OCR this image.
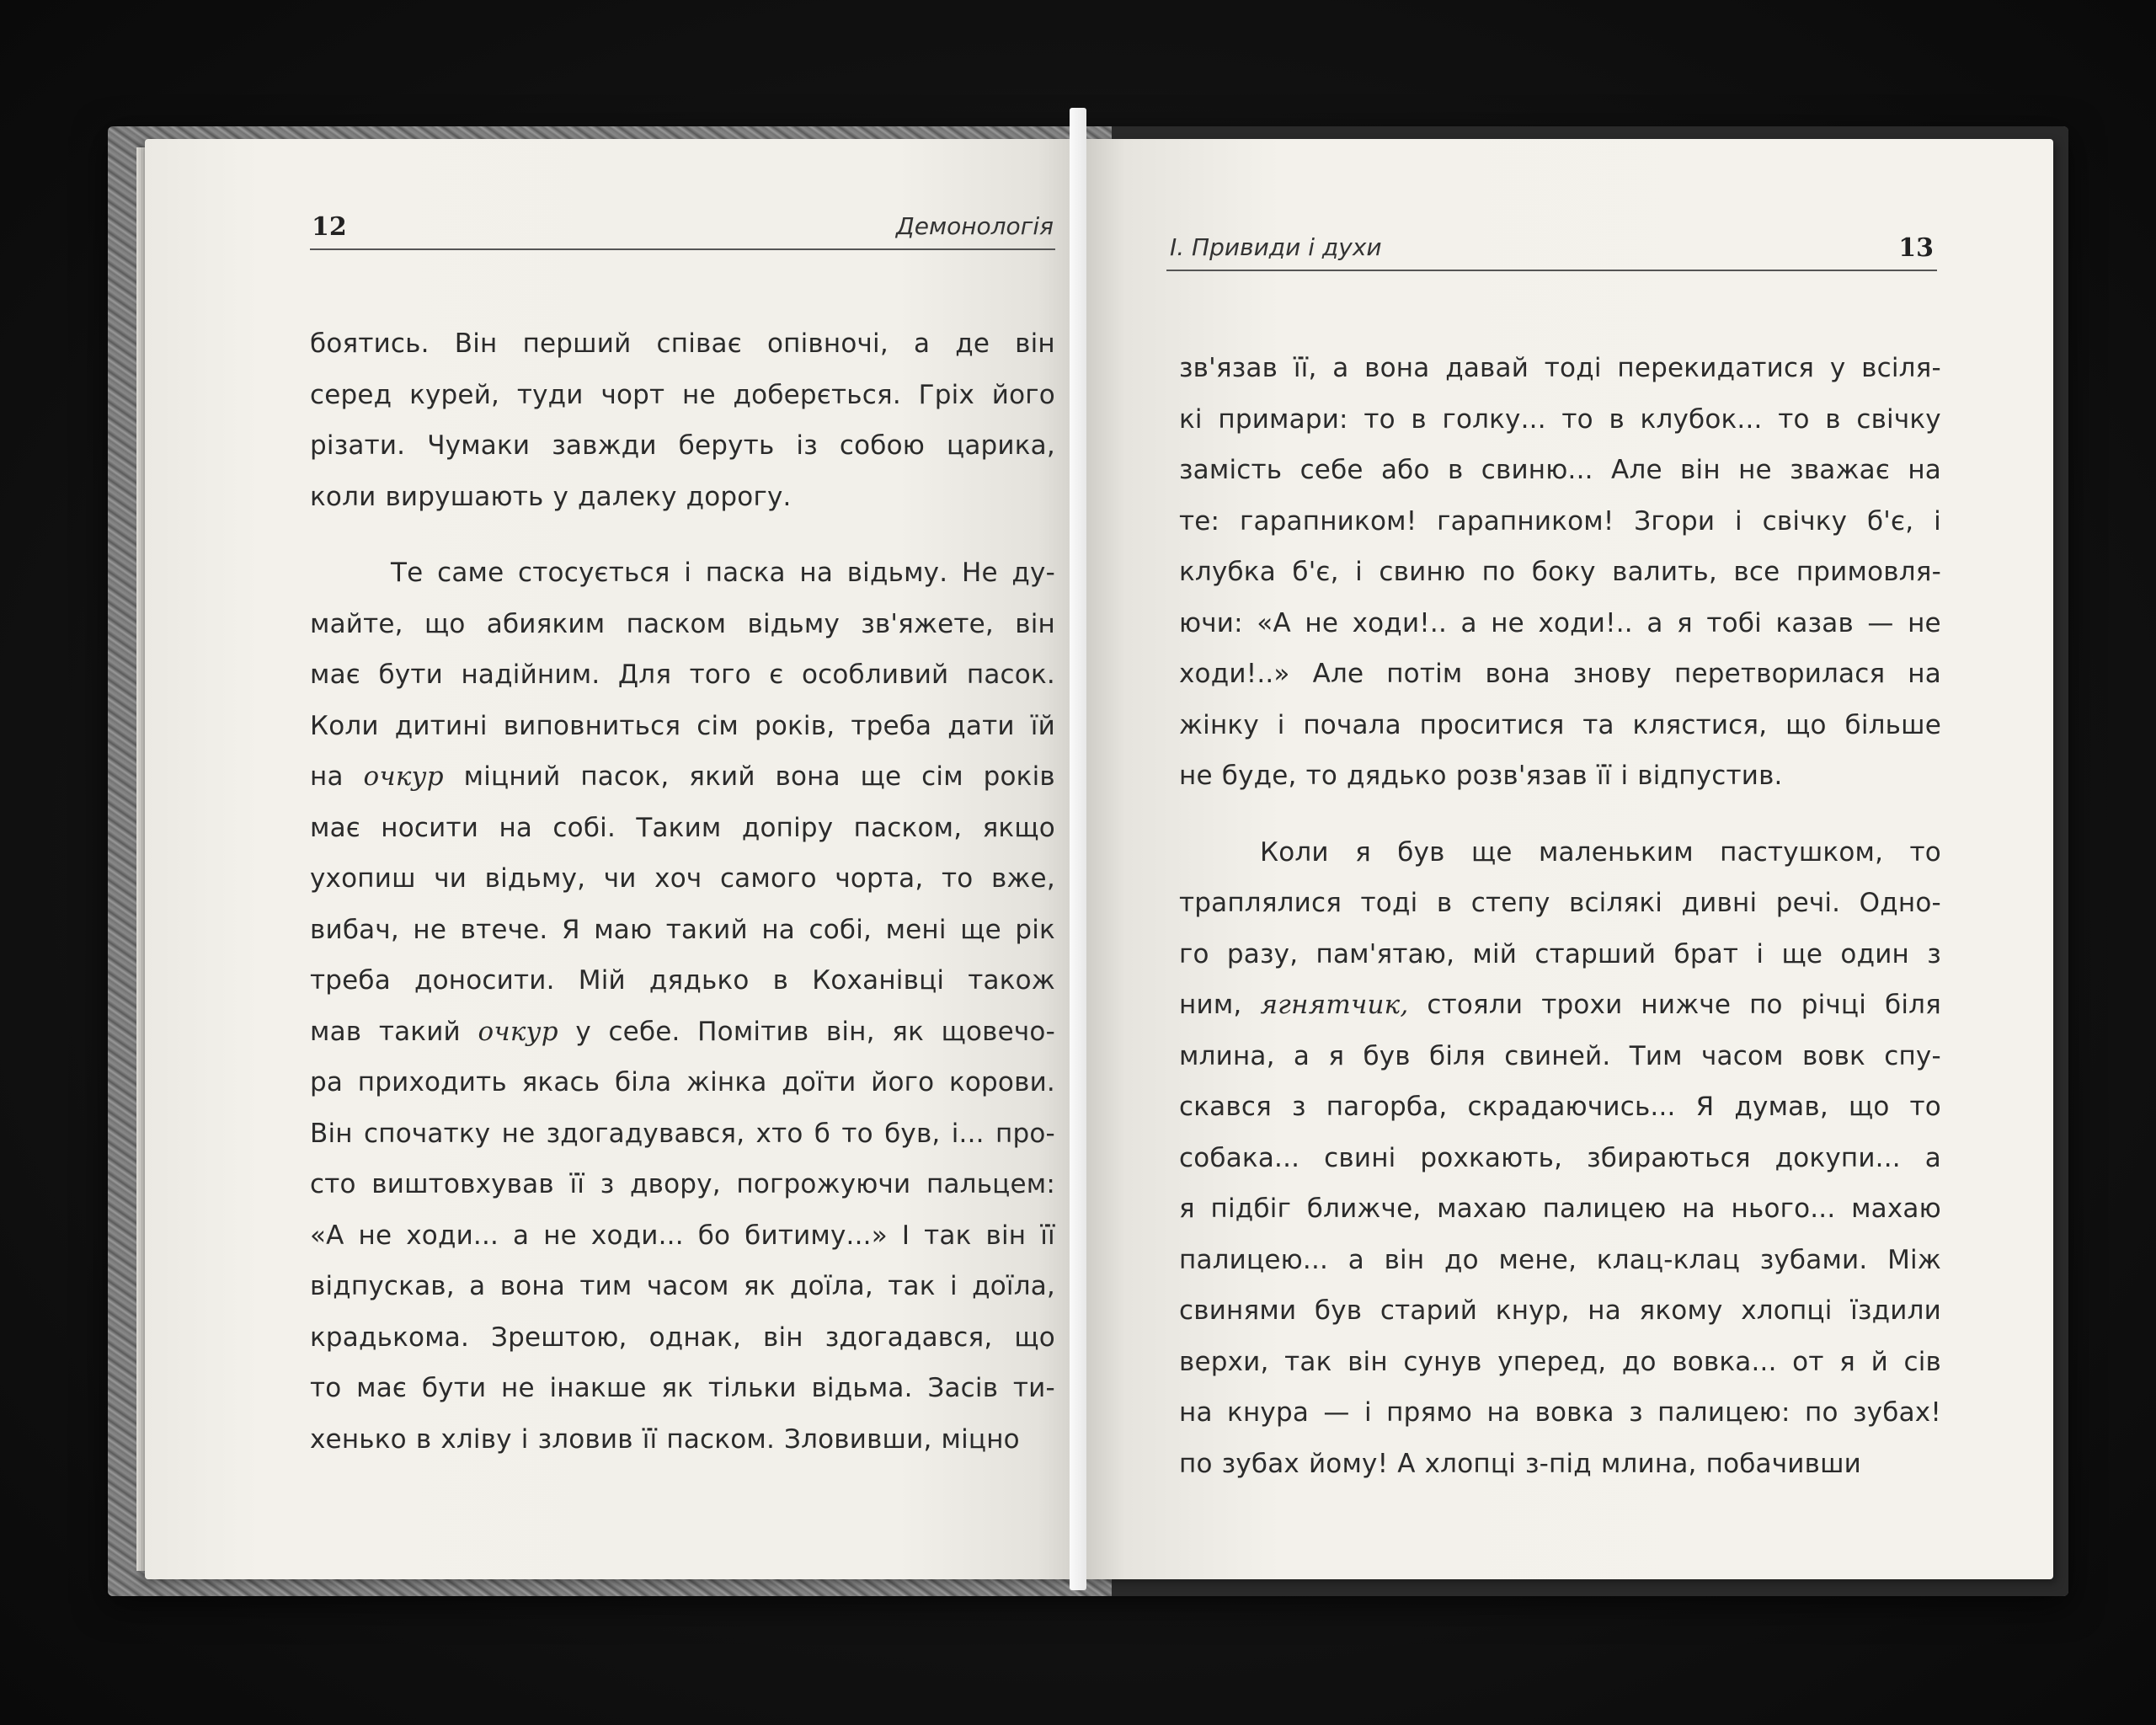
12	Демонологія
І. Привиди і духи	13
боятись. Він перший співає опівночі, а де він
серед курей, туди чорт не доберється. Гріх його
різати. Чумаки завжди беруть із собою царика,
коли вирушають у далеку дорогу.
Те саме стосується і паска на відьму. Не ду-
майте, що абияким паском відьму зв'яжете, він
має бути надійним. Для того є особливий пасок.
Коли дитині виповниться сім років, треба дати їй
на очкур міцний пасок, який вона ще сім років
має носити на собі. Таким допіру паском, якщо
ухопиш чи відьму, чи хоч самого чорта, то вже,
вибач, не втече. Я маю такий на собі, мені ще рік
треба доносити. Мій дядько в Коханівці також
мав такий очкур у себе. Помітив він, як щовечо-
ра приходить якась біла жінка доїти його корови.
Він спочатку не здогадувався, хто б то був, і... про-
сто виштовхував її з двору, погрожуючи пальцем:
«А не ходи... а не ходи... бо битиму...» І так він її
відпускав, а вона тим часом як доїла, так і доїла,
крадькома. Зрештою, однак, він здогадався, що
то має бути не інакше як тільки відьма. Засів ти-
хенько в хліву і зловив її паском. Зловивши, міцно
зв'язав її, а вона давай тоді перекидатися у всіля-
кі примари: то в голку... то в клубок... то в свічку
замість себе або в свиню... Але він не зважає на
те: гарапником! гарапником! Згори і свічку б'є, і
клубка б'є, і свиню по боку валить, все примовля-
ючи: «А не ходи!.. а не ходи!.. а я тобі казав — не
ходи!..» Але потім вона знову перетворилася на
жінку і почала проситися та клястися, що більше
не буде, то дядько розв'язав її і відпустив.
Коли я був ще маленьким пастушком, то
траплялися тоді в степу всілякі дивні речі. Одно-
го разу, пам'ятаю, мій старший брат і ще один з
ним, ягнятчик, стояли трохи нижче по річці біля
млина, а я був біля свиней. Тим часом вовк спу-
скався з пагорба, скрадаючись... Я думав, що то
собака... свині рохкають, збираються докупи... а
я підбіг ближче, махаю палицею на нього... махаю
палицею... а він до мене, клац-клац зубами. Між
свинями був старий кнур, на якому хлопці їздили
верхи, так він сунув уперед, до вовка... от я й сів
на кнура — і прямо на вовка з палицею: по зубах!
по зубах йому! А хлопці з-під млина, побачивши
